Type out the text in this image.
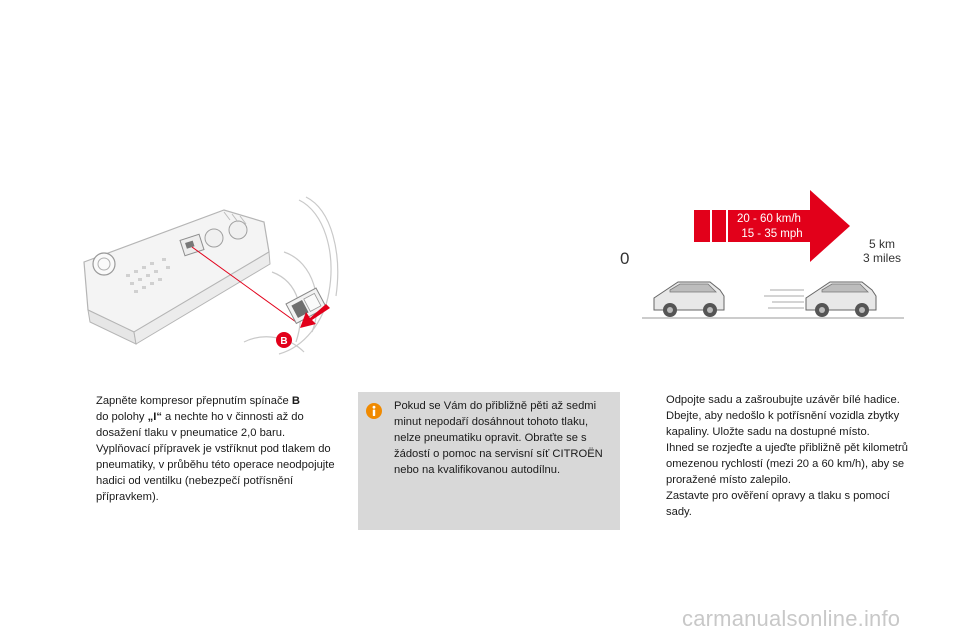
B
20 - 60 km/h
15 - 35 mph
0
5 km
3 miles

Zapněte kompresor přepnutím spínače B
do polohy „I“ a nechte ho v činnosti až do dosažení tlaku v pneumatice 2,0 baru. Vyplňovací přípravek je vstříknut pod tlakem do pneumatiky, v průběhu této operace neodpojujte hadici od ventilku (nebezpečí potřísnění přípravkem).

Pokud se Vám do přibližně pěti až sedmi minut nepodaří dosáhnout tohoto tlaku, nelze pneumatiku opravit. Obraťte se s žádostí o pomoc na servisní síť CITROËN nebo na kvalifikovanou autodílnu.

Odpojte sadu a zašroubujte uzávěr bílé hadice.

Dbejte, aby nedošlo k potřísnění vozidla zbytky kapaliny. Uložte sadu na dostupné místo.

Ihned se rozjeďte a ujeďte přibližně pět kilometrů omezenou rychlostí (mezi 20 a 60 km/h), aby se proražené místo zalepilo.

Zastavte pro ověření opravy a tlaku s pomocí sady.

carmanualsonline.info
